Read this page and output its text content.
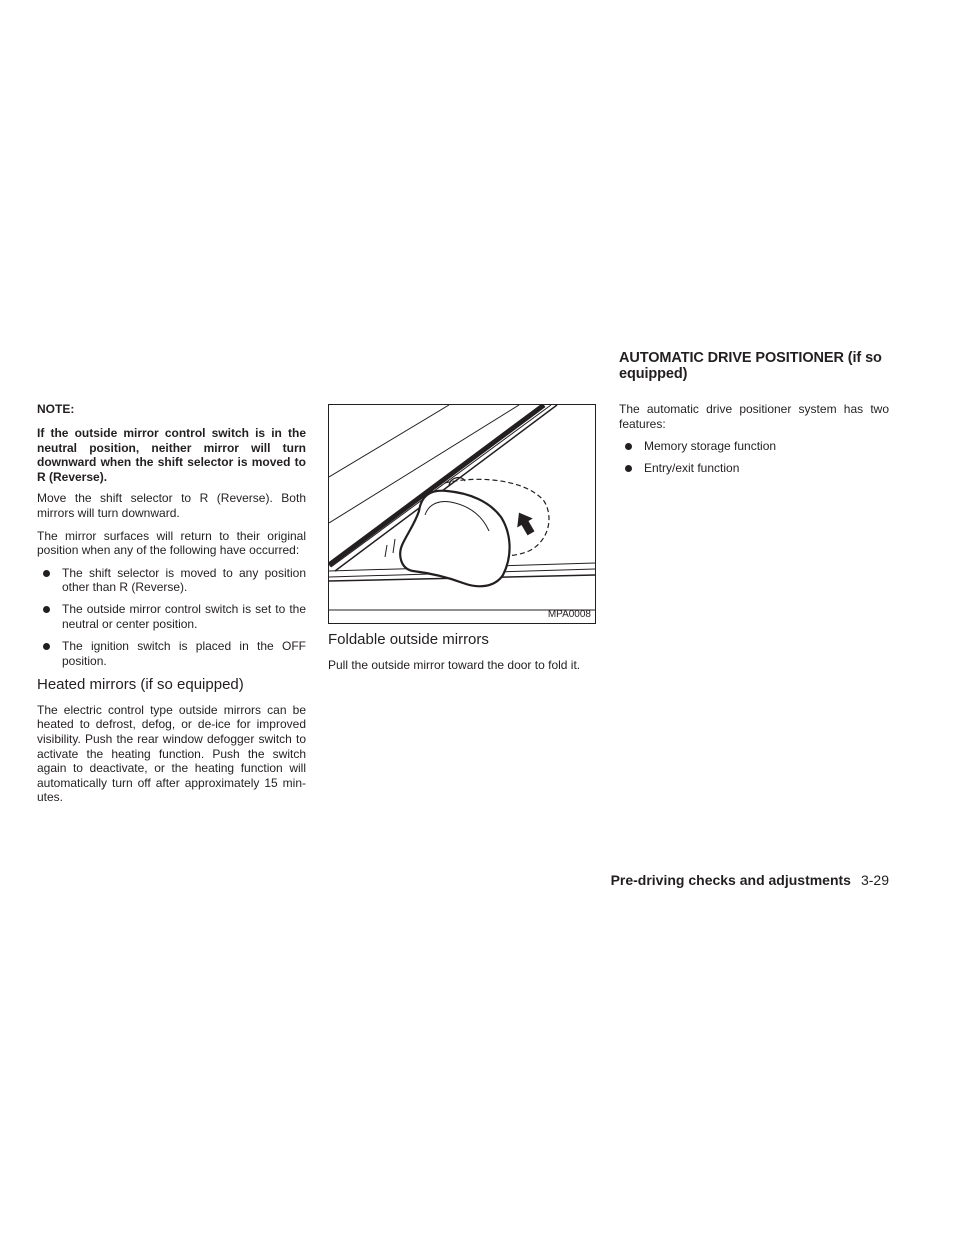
NOTE:

If the outside mirror control switch is in the neutral position, neither mirror will turn downward when the shift selector is moved to R (Reverse).

Move the shift selector to R (Reverse). Both mirrors will turn downward.

The mirror surfaces will return to their original position when any of the following have occurred:

The shift selector is moved to any position other than R (Reverse).
The outside mirror control switch is set to the neutral or center position.
The ignition switch is placed in the OFF position.
Heated mirrors (if so equipped)

The electric control type outside mirrors can be heated to defrost, defog, or de-ice for improved visibility. Push the rear window defogger switch to activate the heating function. Push the switch again to deactivate, or the heating function will automatically turn off after approximately 15 min-utes.

MPA0008
Foldable outside mirrors

Pull the outside mirror toward the door to fold it.

AUTOMATIC DRIVE POSITIONER (if so equipped)

The automatic drive positioner system has two features:

Memory storage function
Entry/exit function
Pre-driving checks and adjustments 3-29
